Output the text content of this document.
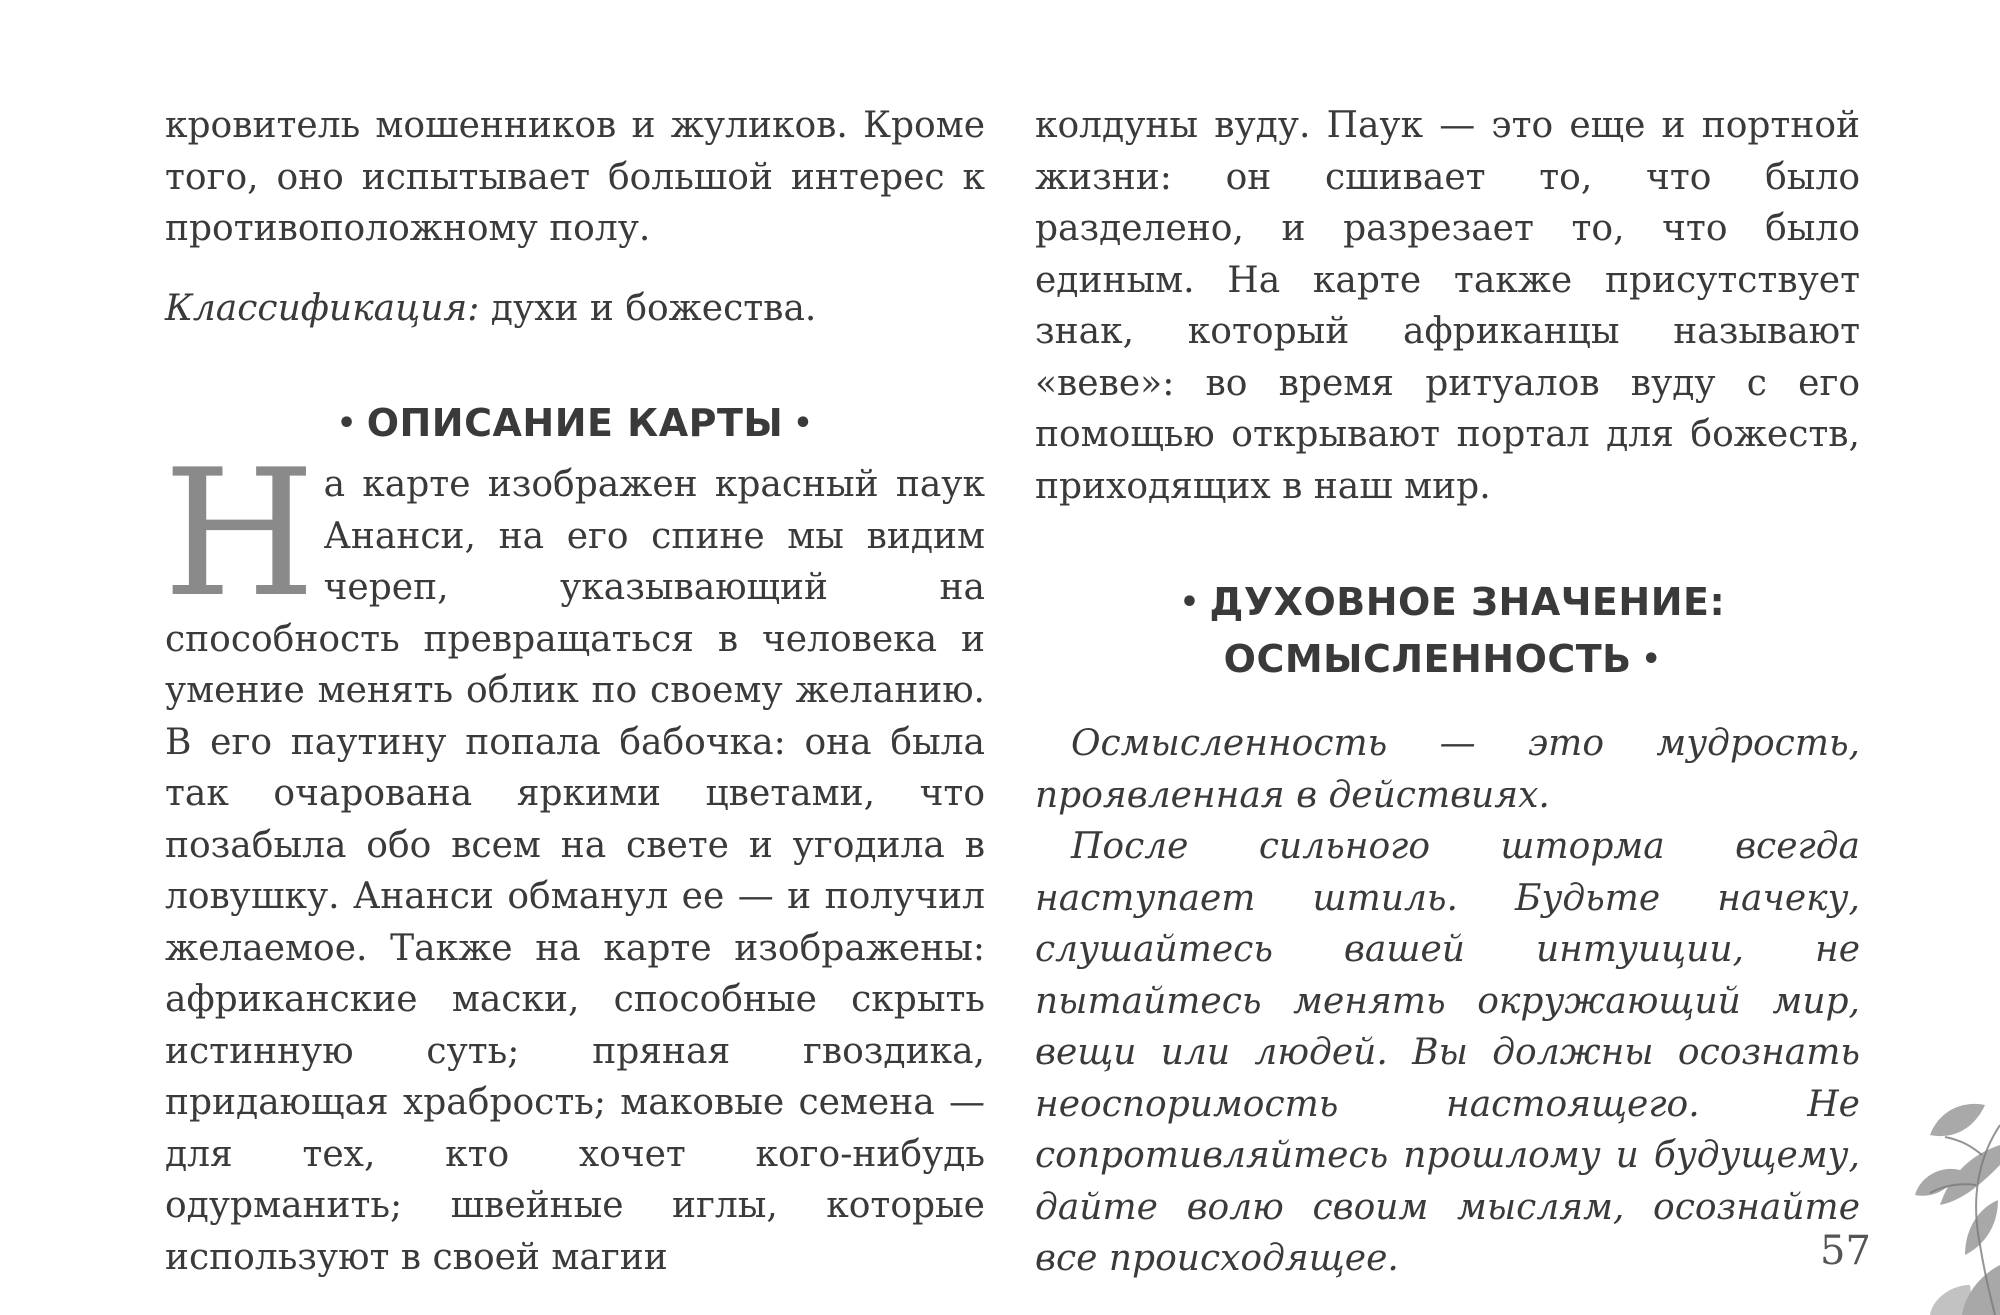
кровитель мошенников и жуликов. Кроме того, оно испытывает большой интерес к противоположному полу.

Классификация: духи и божества.

• ОПИСАНИЕ КАРТЫ •

На карте изображен красный паук Ананси, на его спине мы видим череп, указывающий на способность превращаться в человека и умение менять облик по своему желанию. В его паутину попала бабочка: она была так очарована яркими цветами, что позабыла обо всем на свете и угодила в ловушку. Ананси обманул ее — и получил желаемое. Также на карте изображены: африканские маски, способные скрыть истинную суть; пряная гвоздика, придающая храбрость; маковые семена — для тех, кто хочет кого-нибудь одурманить; швейные иглы, которые используют в своей магии

колдуны вуду. Паук — это еще и портной жизни: он сшивает то, что было разделено, и разрезает то, что было единым. На карте также присутствует знак, который африканцы называют «веве»: во время ритуалов вуду с его помощью открывают портал для божеств, приходящих в наш мир.

• ДУХОВНОЕ ЗНАЧЕНИЕ:
ОСМЫСЛЕННОСТЬ •

Осмысленность — это мудрость, проявленная в действиях.

После сильного шторма всегда наступает штиль. Будьте начеку, слушайтесь вашей интуиции, не пытайтесь менять окружающий мир, вещи или людей. Вы должны осознать неоспоримость настоящего. Не сопротивляйтесь прошлому и будущему, дайте волю своим мыслям, осознайте все происходящее.	57
